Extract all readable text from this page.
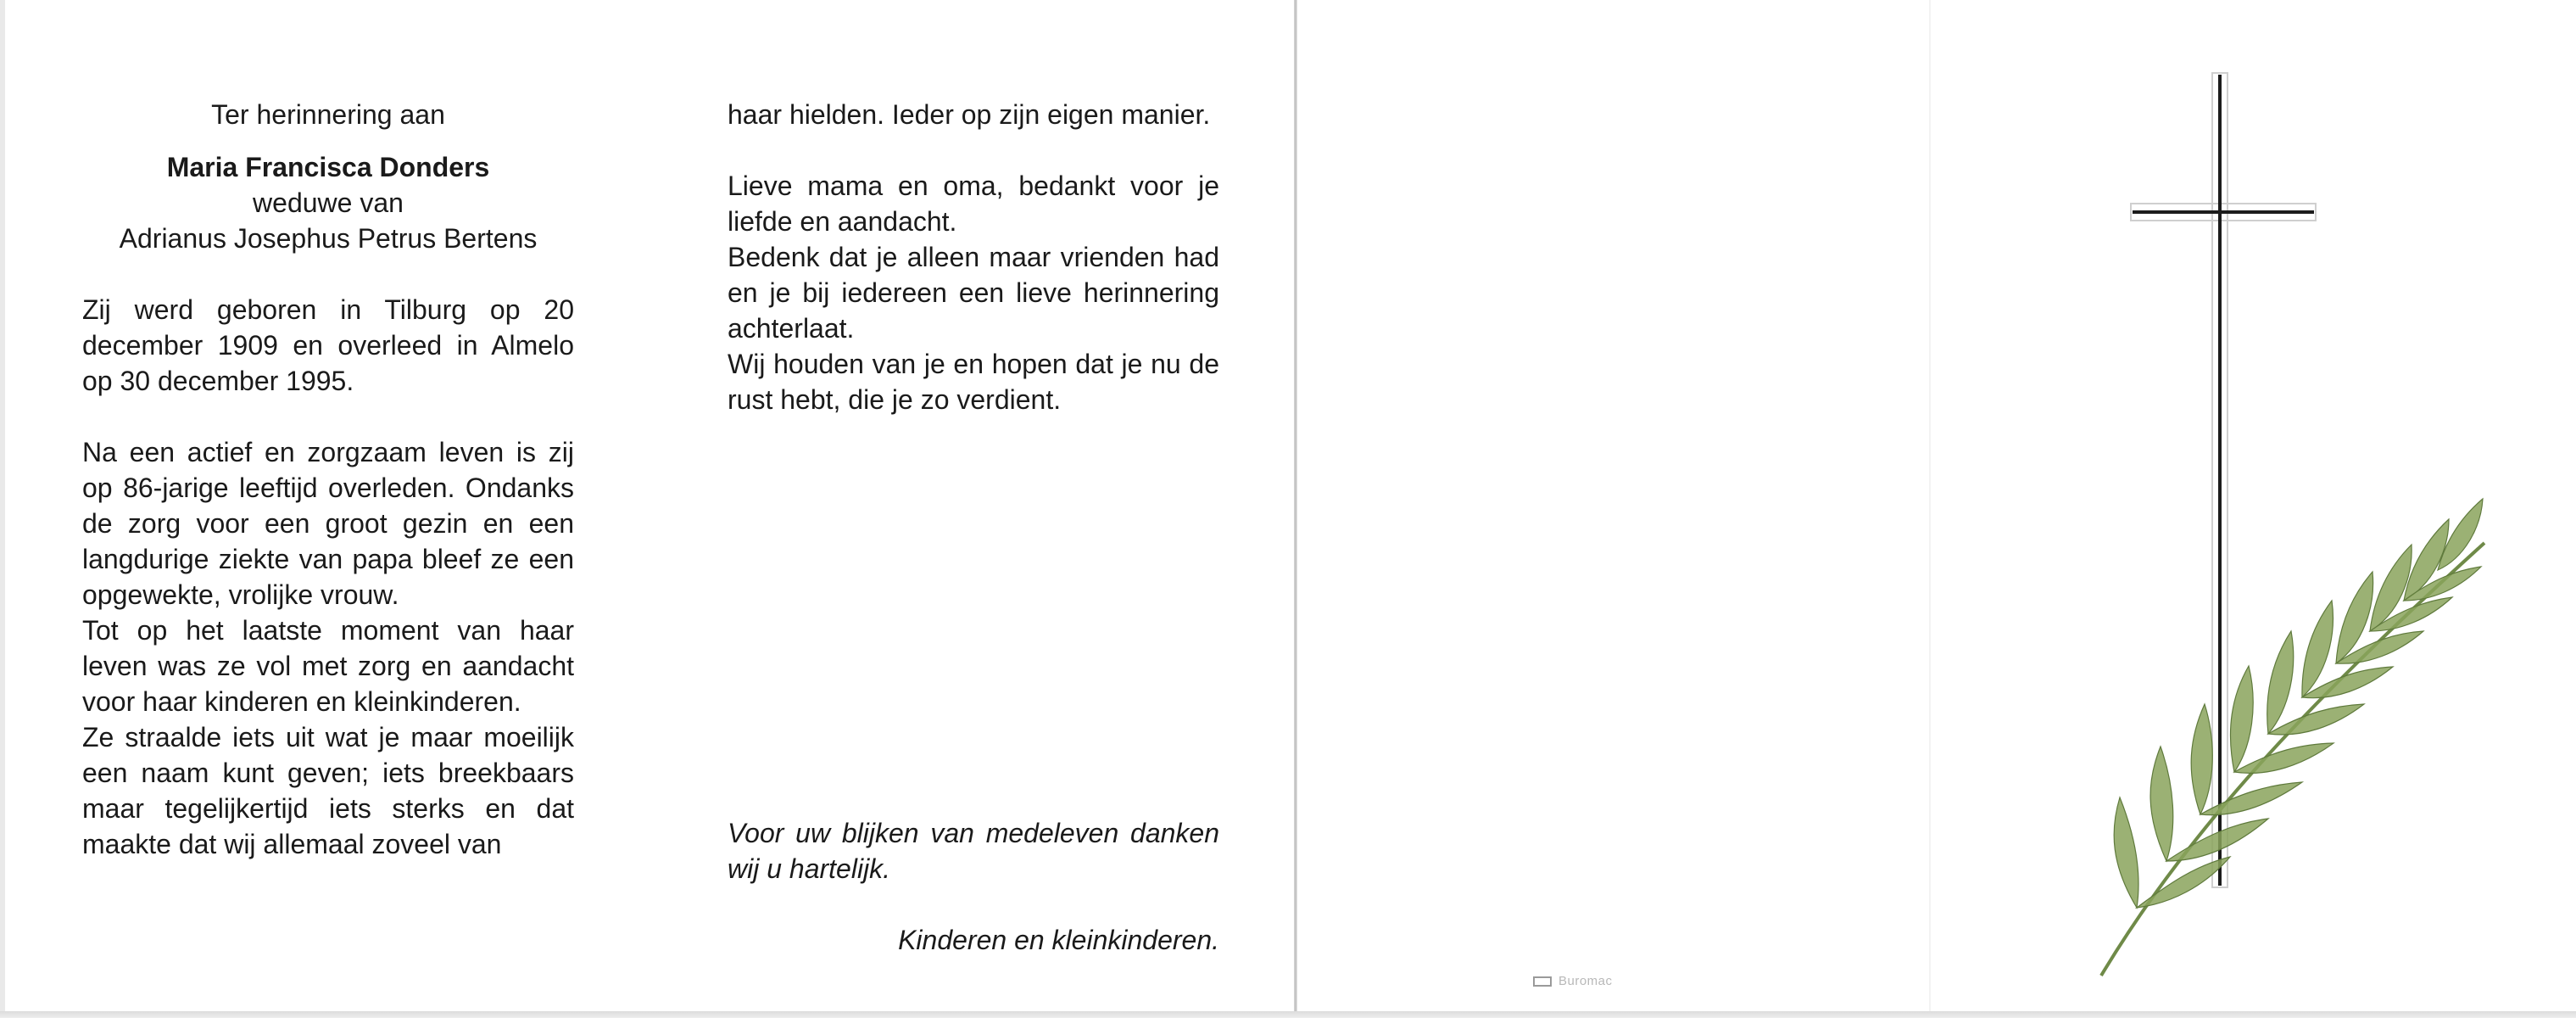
Ter herinnering aan

Maria Francisca Donders

weduwe van

Adrianus Josephus Petrus Bertens

Zij werd geboren in Tilburg op 20 december 1909 en overleed in Almelo op 30 december 1995.

Na een actief en zorgzaam leven is zij op 86-jarige leeftijd overleden. Ondanks de zorg voor een groot gezin en een langdurige ziekte van papa bleef ze een opgewekte, vrolijke vrouw.

Tot op het laatste moment van haar leven was ze vol met zorg en aandacht voor haar kinderen en kleinkinderen.

Ze straalde iets uit wat je maar moeilijk een naam kunt geven; iets breekbaars maar tegelijkertijd iets sterks en dat maakte dat wij allemaal zoveel van

haar hielden. Ieder op zijn eigen manier.

Lieve mama en oma, bedankt voor je liefde en aandacht.

Bedenk dat je alleen maar vrienden had en je bij iedereen een lieve herinnering achterlaat.

Wij houden van je en hopen dat je nu de rust hebt, die je zo verdient.

Voor uw blijken van medeleven danken wij u hartelijk.

Kinderen en kleinkinderen.

Buromac
